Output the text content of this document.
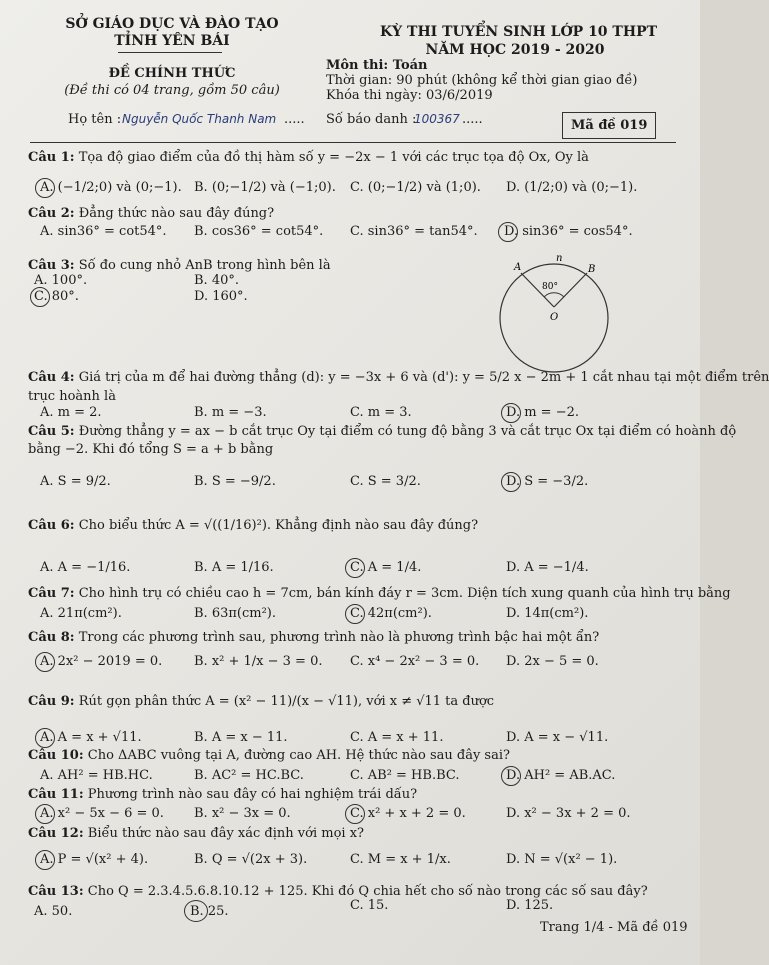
SỞ GIÁO DỤC VÀ ĐÀO TẠO
TỈNH YÊN BÁI
ĐỀ CHÍNH THỨC
(Đề thi có 04 trang, gồm 50 câu)
KỲ THI TUYỂN SINH LỚP 10 THPT
NĂM HỌC 2019 - 2020
Môn thi: Toán
Thời gian: 90 phút (không kể thời gian giao đề)
Khóa thi ngày: 03/6/2019
Họ tên : Nguyễn Quốc Thanh Nam ..... Số báo danh :
100367 .....	Mã đề 019
Câu 1: Tọa độ giao điểm của đồ thị hàm số y = −2x − 1 với các trục tọa độ Ox, Oy là
A. (−1/2;0) và (0;−1). B. (0;−1/2) và (−1;0). C. (0;−1/2) và (1;0). D. (1/2;0) và (0;−1).
Câu 2: Đẳng thức nào sau đây đúng?
A. sin36° = cot54°. B. cos36° = cot54°. C. sin36° = tan54°. D. sin36° = cos54°.
Câu 3: Số đo cung nhỏ AnB trong hình bên là
A. 100°.	B. 40°.
C. 80°.	D. 160°.
A
n
B
80°
O
Câu 4: Giá trị của m để hai đường thẳng (d): y = −3x + 6 và (d'): y = 5/2 x − 2m + 1 cắt nhau tại một điểm trên
trục hoành là
A. m = 2.	B. m = −3.	C. m = 3.	D. m = −2.
Câu 5: Đường thẳng y = ax − b cắt trục Oy tại điểm có tung độ bằng 3 và cắt trục Ox tại điểm có hoành độ
bằng −2. Khi đó tổng S = a + b bằng
A. S = 9/2.	B. S = −9/2.	C. S = 3/2.	D. S = −3/2.
Câu 6: Cho biểu thức A = √((1/16)²). Khẳng định nào sau đây đúng?
A. A = −1/16.	B. A = 1/16.	C. A = 1/4.	D. A = −1/4.
Câu 7: Cho hình trụ có chiều cao h = 7cm, bán kính đáy r = 3cm. Diện tích xung quanh của hình trụ bằng
A. 21π(cm²).	B. 63π(cm²).	C. 42π(cm²).	D. 14π(cm²).
Câu 8: Trong các phương trình sau, phương trình nào là phương trình bậc hai một ẩn?
A. 2x² − 2019 = 0. B. x² + 1/x − 3 = 0. C. x⁴ − 2x² − 3 = 0. D. 2x − 5 = 0.
Câu 9: Rút gọn phân thức A = (x² − 11)/(x − √11), với x ≠ √11 ta được
A. A = x + √11.	B. A = x − 11.	C. A = x + 11.	D. A = x − √11.
Câu 10: Cho ΔABC vuông tại A, đường cao AH. Hệ thức nào sau đây sai?
A. AH² = HB.HC.	B. AC² = HC.BC.	C. AB² = HB.BC.	D. AH² = AB.AC.
Câu 11: Phương trình nào sau đây có hai nghiệm trái dấu?
A. x² − 5x − 6 = 0. B. x² − 3x = 0.	C. x² + x + 2 = 0.	D. x² − 3x + 2 = 0.
Câu 12: Biểu thức nào sau đây xác định với mọi x?
A. P = √(x² + 4).	B. Q = √(2x + 3).	C. M = x + 1/x.	D. N = √(x² − 1).
Câu 13: Cho Q = 2.3.4.5.6.8.10.12 + 125. Khi đó Q chia hết cho số nào trong các số sau đây?
A. 50.	B. 25.	C. 15.	D. 125.
Trang 1/4 - Mã đề 019
